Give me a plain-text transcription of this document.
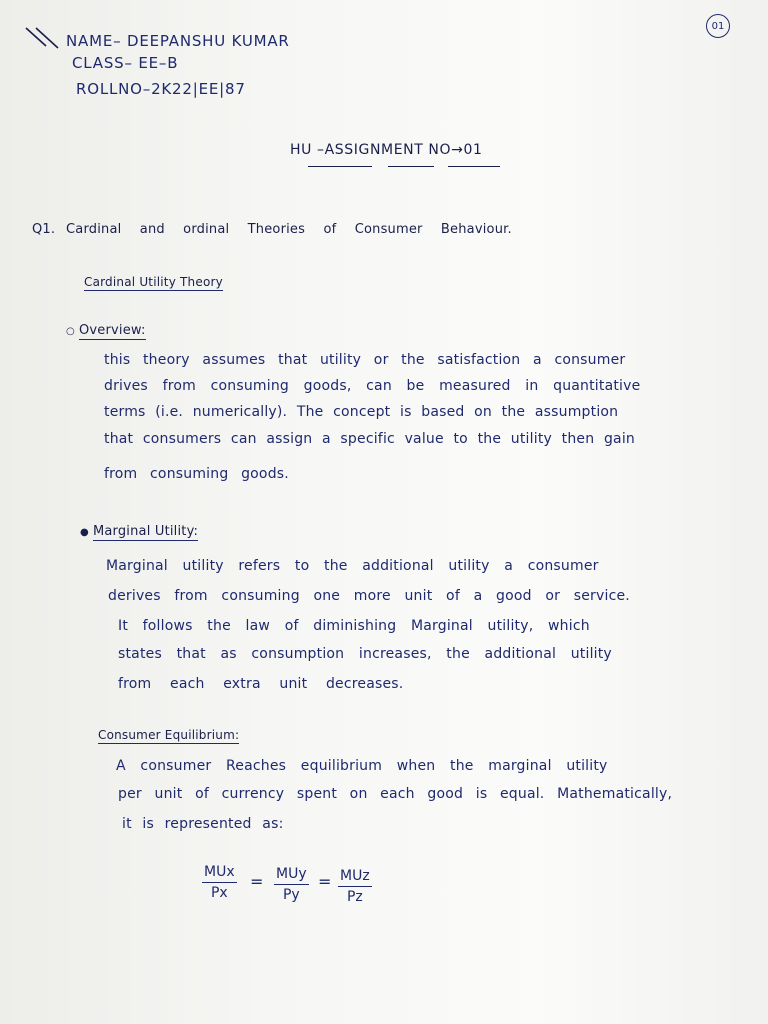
01
NAME– DEEPANSHU KUMAR
CLASS– EE–B
ROLLNO–2K22|EE|87
HU –ASSIGNMENT NO→01
Q1. Cardinal and ordinal Theories of Consumer Behaviour.
Cardinal Utility Theory
○ Overview:
this theory assumes that utility or the satisfaction a consumer
drives from consuming goods, can be measured in quantitative
terms (i.e. numerically). The concept is based on the assumption
that consumers can assign a specific value to the utility then gain
from consuming goods.
● Marginal Utility:
Marginal utility refers to the additional utility a consumer
derives from consuming one more unit of a good or service.
It follows the law of diminishing Marginal utility, which
states that as consumption increases, the additional utility
from each extra unit decreases.
Consumer Equilibrium:
A consumer Reaches equilibrium when the marginal utility
per unit of currency spent on each good is equal. Mathematically,
it is represented as:
MUx
Px
= MUy
Py
= MUz
Pz
